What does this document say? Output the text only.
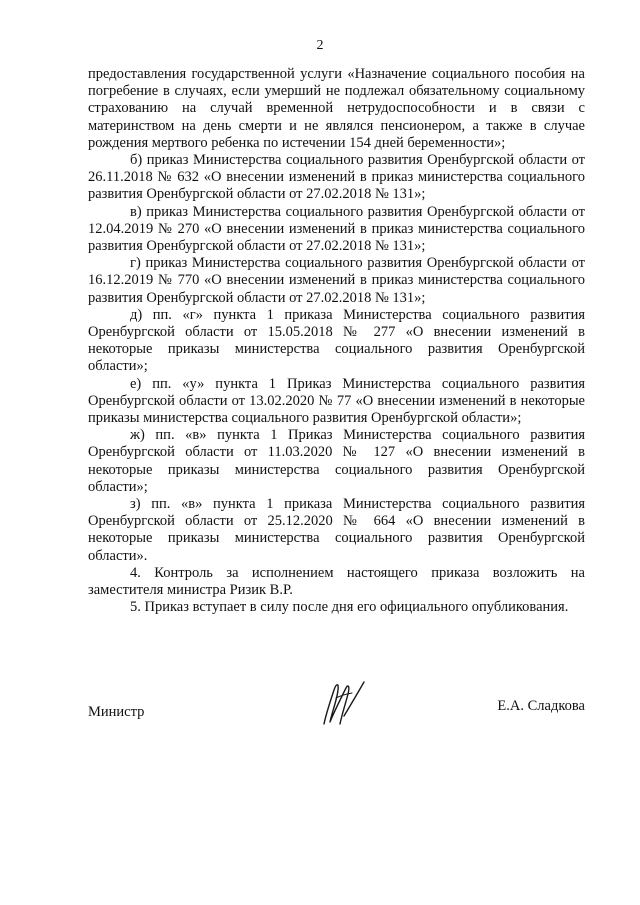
2

предоставления государственной услуги «Назначение социального пособия на погребение в случаях, если умерший не подлежал обязательному социальному страхованию на случай временной нетрудоспособности и в связи с материнством на день смерти и не являлся пенсионером, а также в случае рождения мертвого ребенка по истечении 154 дней беременности»;

б) приказ Министерства социального развития Оренбургской области от 26.11.2018 № 632 «О внесении изменений в приказ министерства социального развития Оренбургской области от 27.02.2018 № 131»;

в) приказ Министерства социального развития Оренбургской области от 12.04.2019 № 270 «О внесении изменений в приказ министерства социального развития Оренбургской области от 27.02.2018 № 131»;

г) приказ Министерства социального развития Оренбургской области от 16.12.2019 № 770 «О внесении изменений в приказ министерства социального развития Оренбургской области от 27.02.2018 № 131»;

д) пп. «г» пункта 1 приказа Министерства социального развития Оренбургской области от 15.05.2018 № 277 «О внесении изменений в некоторые приказы министерства социального развития Оренбургской области»;

е) пп. «у» пункта 1 Приказ Министерства социального развития Оренбургской области от 13.02.2020 № 77 «О внесении изменений в некоторые приказы министерства социального развития Оренбургской области»;

ж) пп. «в» пункта 1 Приказ Министерства социального развития Оренбургской области от 11.03.2020 № 127 «О внесении изменений в некоторые приказы министерства социального развития Оренбургской области»;

з) пп. «в» пункта 1 приказа Министерства социального развития Оренбургской области от 25.12.2020 № 664 «О внесении изменений в некоторые приказы министерства социального развития Оренбургской области».

4. Контроль за исполнением настоящего приказа возложить на заместителя министра Ризик В.Р.

5. Приказ вступает в силу после дня его официального опубликования.

Министр	Е.А. Сладкова
